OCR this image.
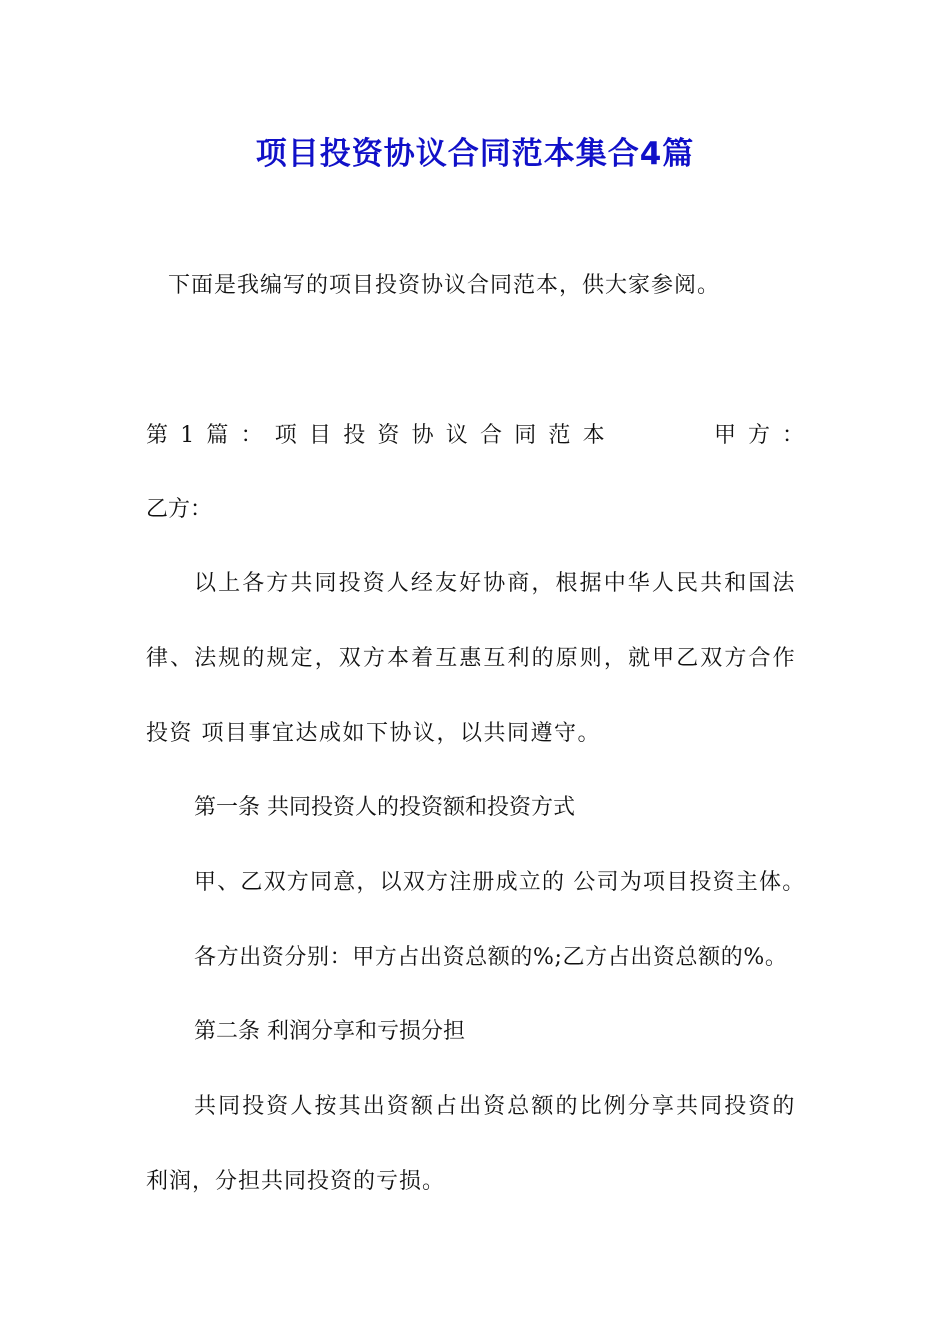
项目投资协议合同范本集合4篇
下面是我编写的项目投资协议合同范本，供大家参阅。
第1篇：项目投资协议合同范本	甲方：
乙方：
以上各方共同投资人经友好协商，根据中华人民共和国法
律、法规的规定，双方本着互惠互利的原则，就甲乙双方合作
投资 项目事宜达成如下协议，以共同遵守。
第一条 共同投资人的投资额和投资方式
甲、乙双方同意，以双方注册成立的 公司为项目投资主体。
各方出资分别：甲方占出资总额的%;乙方占出资总额的%。
第二条 利润分享和亏损分担
共同投资人按其出资额占出资总额的比例分享共同投资的
利润，分担共同投资的亏损。
